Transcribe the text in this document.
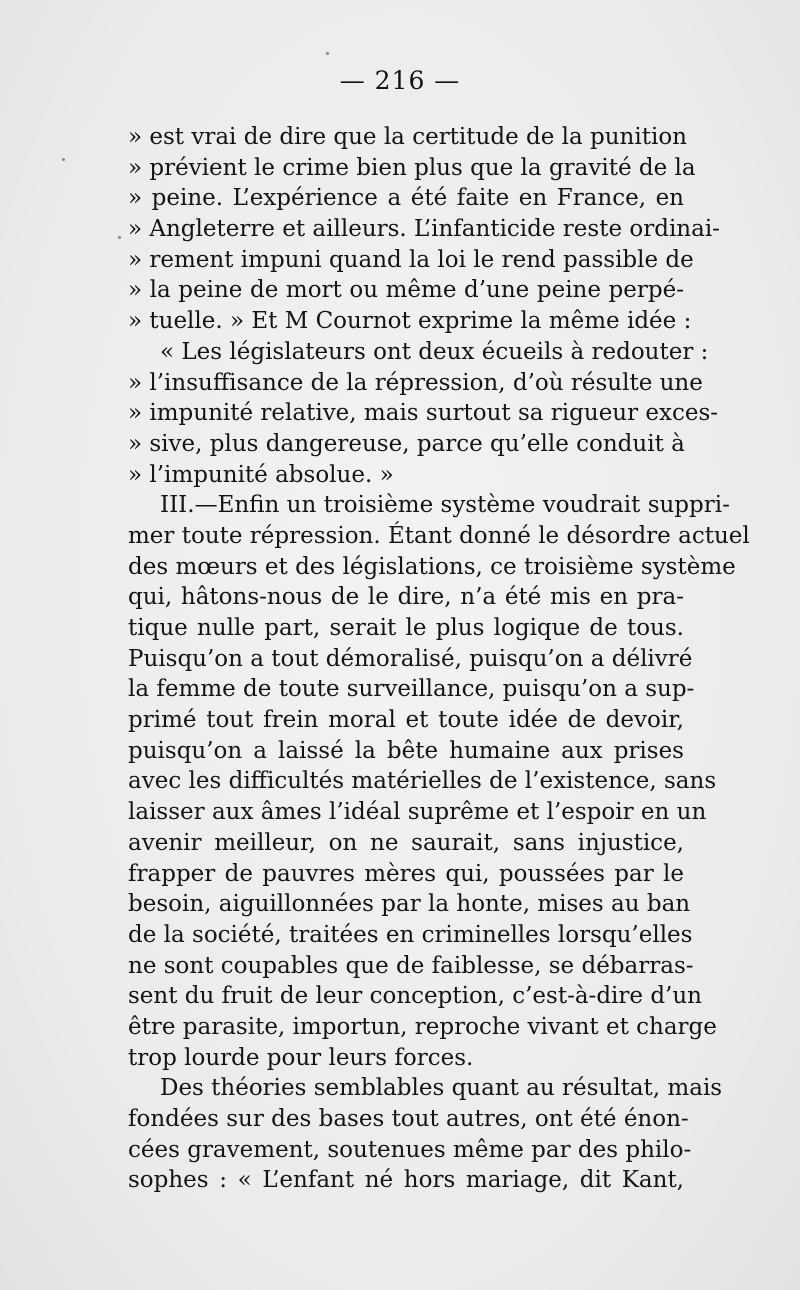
— 216 —
» est vrai de dire que la certitude de la punition
» prévient le crime bien plus que la gravité de la
» peine. L’expérience a été faite en France, en
» Angleterre et ailleurs. L’infanticide reste ordinai-
» rement impuni quand la loi le rend passible de
» la peine de mort ou même d’une peine perpé-
» tuelle. » Et M Cournot exprime la même idée :
« Les législateurs ont deux écueils à redouter :
» l’insuffisance de la répression, d’où résulte une
» impunité relative, mais surtout sa rigueur exces-
» sive, plus dangereuse, parce qu’elle conduit à
» l’impunité absolue. »
III.—Enfin un troisième système voudrait suppri-
mer toute répression. Étant donné le désordre actuel
des mœurs et des législations, ce troisième système
qui, hâtons-nous de le dire, n’a été mis en pra-
tique nulle part, serait le plus logique de tous.
Puisqu’on a tout démoralisé, puisqu’on a délivré
la femme de toute surveillance, puisqu’on a sup-
primé tout frein moral et toute idée de devoir,
puisqu’on a laissé la bête humaine aux prises
avec les difficultés matérielles de l’existence, sans
laisser aux âmes l’idéal suprême et l’espoir en un
avenir meilleur, on ne saurait, sans injustice,
frapper de pauvres mères qui, poussées par le
besoin, aiguillonnées par la honte, mises au ban
de la société, traitées en criminelles lorsqu’elles
ne sont coupables que de faiblesse, se débarras-
sent du fruit de leur conception, c’est-à-dire d’un
être parasite, importun, reproche vivant et charge
trop lourde pour leurs forces.
Des théories semblables quant au résultat, mais
fondées sur des bases tout autres, ont été énon-
cées gravement, soutenues même par des philo-
sophes : « L’enfant né hors mariage, dit Kant,
